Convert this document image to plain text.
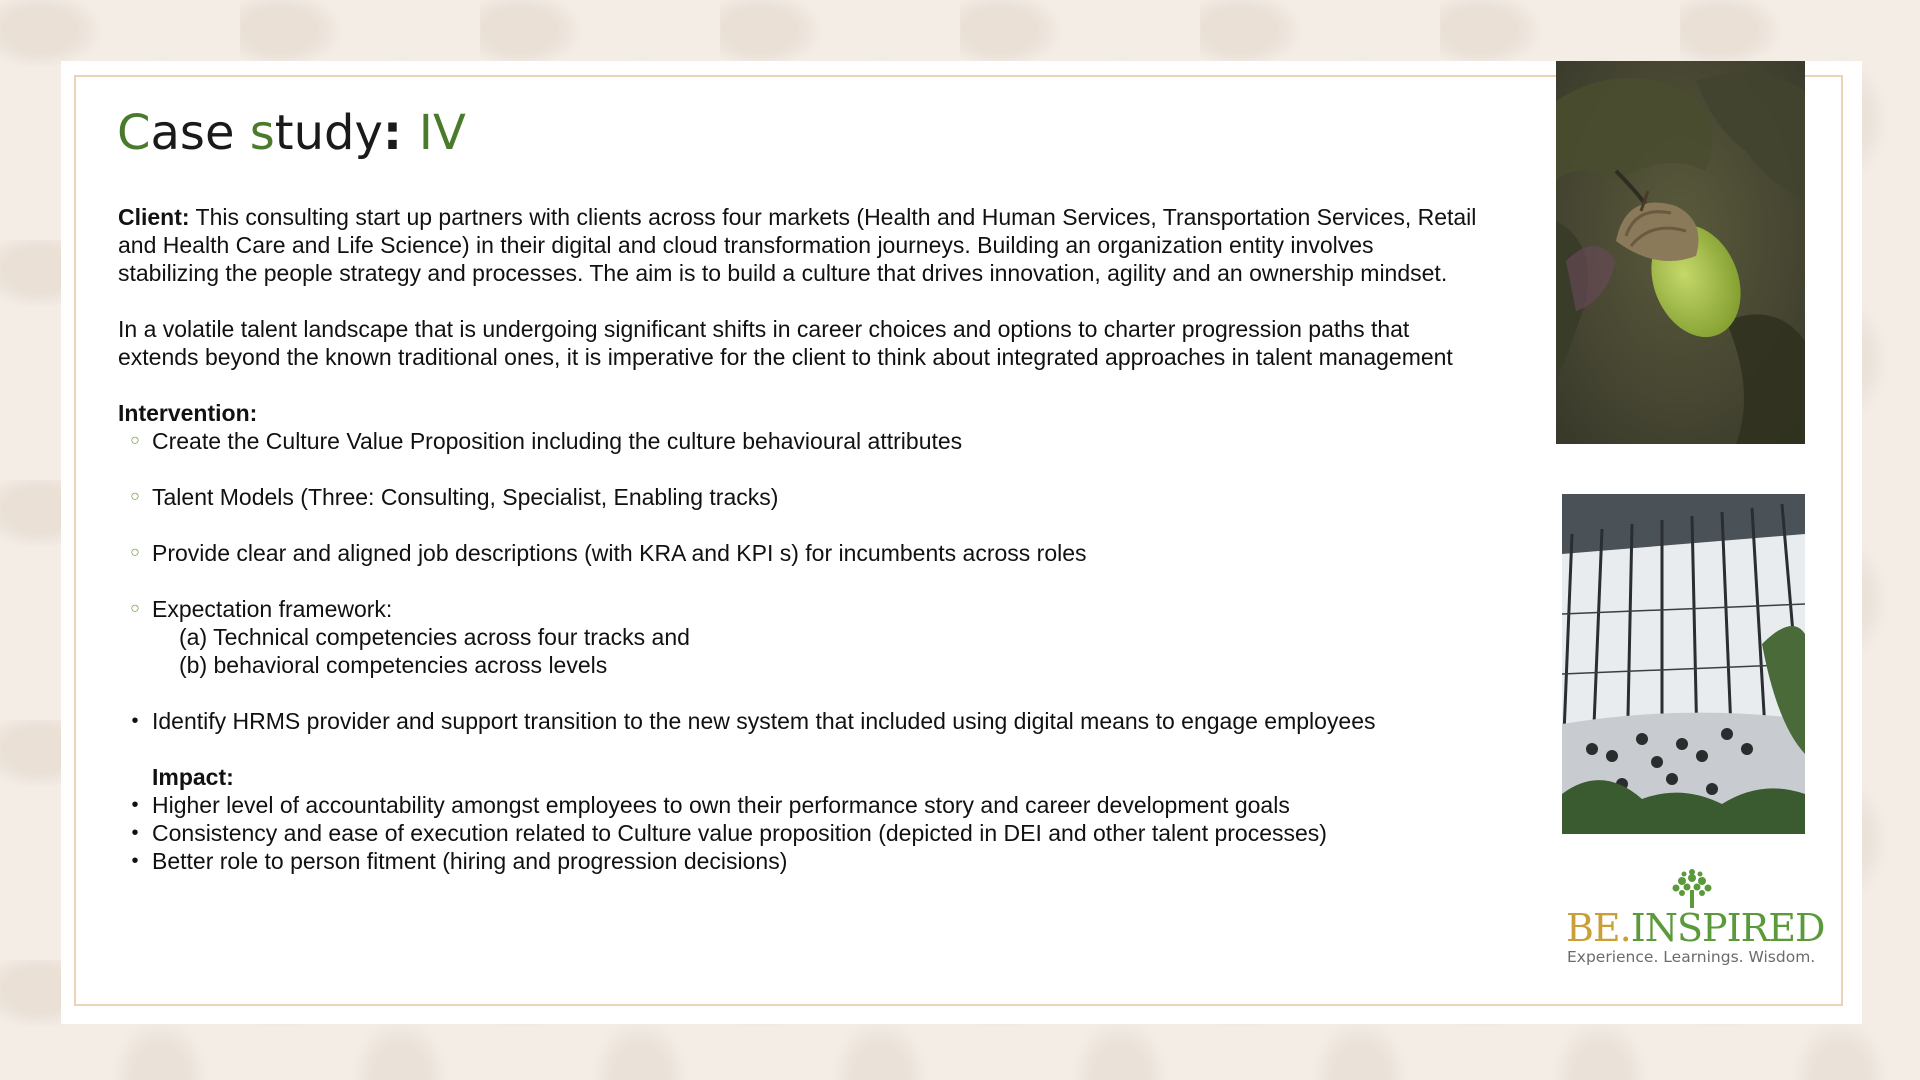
Case study: IV

Client: This consulting start up partners with clients across four markets (Health and Human Services, Transportation Services, Retail and Health Care and Life Science) in their digital and cloud transformation journeys. Building an organization entity involves stabilizing the people strategy and processes. The aim is to build a culture that drives innovation, agility and an ownership mindset.

In a volatile talent landscape that is undergoing significant shifts in career choices and options to charter progression paths that extends beyond the known traditional ones, it is imperative for the client to think about integrated approaches in talent management

Intervention:

○ Create the Culture Value Proposition including the culture behavioural attributes
○ Talent Models (Three: Consulting, Specialist, Enabling tracks)
○ Provide clear and aligned job descriptions (with KRA and KPI s) for incumbents across roles
○ Expectation framework:

(a) Technical competencies across four tracks and

(b) behavioral competencies across levels

• Identify HRMS provider and support transition to the new system that included using digital means to engage employees

Impact:

• Higher level of accountability amongst employees to own their performance story and career development goals
• Consistency and ease of execution related to Culture value proposition (depicted in DEI and other talent processes)
• Better role to person fitment (hiring and progression decisions)
BE.INSPIRED
Experience. Learnings. Wisdom.
